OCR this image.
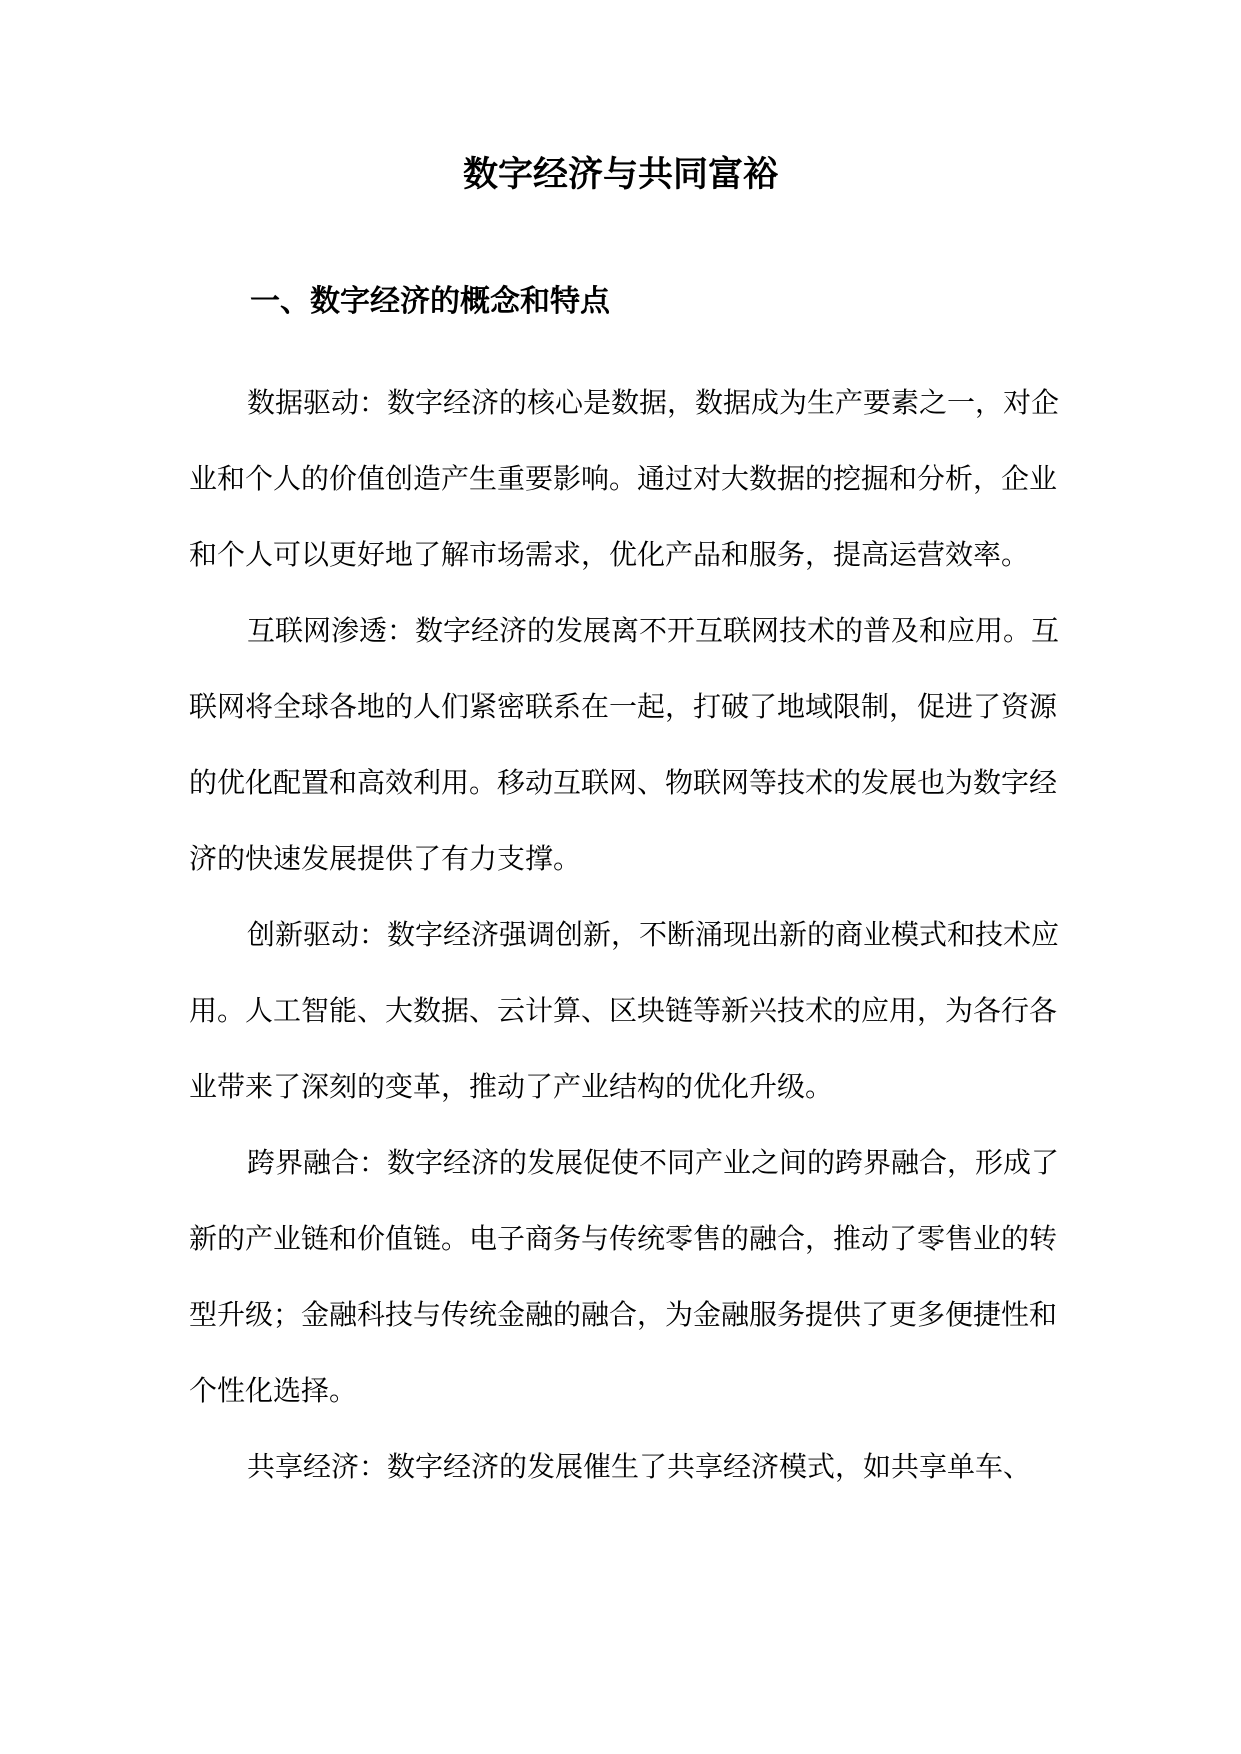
数字经济与共同富裕
一、数字经济的概念和特点

数据驱动：数字经济的核心是数据，数据成为生产要素之一，对企业和个人的价值创造产生重要影响。通过对大数据的挖掘和分析，企业和个人可以更好地了解市场需求，优化产品和服务，提高运营效率。

互联网渗透：数字经济的发展离不开互联网技术的普及和应用。互联网将全球各地的人们紧密联系在一起，打破了地域限制，促进了资源的优化配置和高效利用。移动互联网、物联网等技术的发展也为数字经济的快速发展提供了有力支撑。

创新驱动：数字经济强调创新，不断涌现出新的商业模式和技术应用。人工智能、大数据、云计算、区块链等新兴技术的应用，为各行各业带来了深刻的变革，推动了产业结构的优化升级。

跨界融合：数字经济的发展促使不同产业之间的跨界融合，形成了新的产业链和价值链。电子商务与传统零售的融合，推动了零售业的转型升级；金融科技与传统金融的融合，为金融服务提供了更多便捷性和个性化选择。

共享经济：数字经济的发展催生了共享经济模式，如共享单车、
